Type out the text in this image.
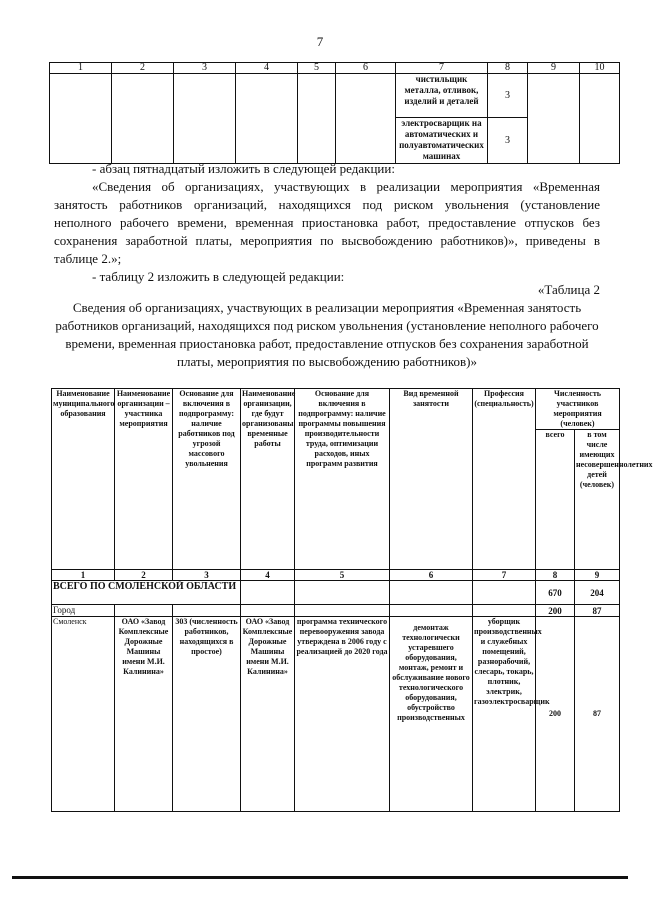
7
1	2	3	4	5	6	7	8	9	10
						чистильщик металла, отливок, изделий и деталей	3		
						электросварщик на автоматических и полуавтоматических машинах	3		

- абзац пятнадцатый изложить в следующей редакции:

«Сведения об организациях, участвующих в реализации мероприятия «Временная занятость работников организаций, находящихся под риском увольнения (установление неполного рабочего времени, временная приостановка работ, предоставление отпусков без сохранения заработной платы, мероприятия по высвобождению работников)», приведены в таблице 2.»;

- таблицу 2 изложить в следующей редакции:

«Таблица 2
Сведения об организациях, участвующих в реализации мероприятия «Временная занятость работников организаций, находящихся под риском увольнения (установление неполного рабочего времени, временная приостановка работ, предоставление отпусков без сохранения заработной платы, мероприятия по высвобождению работников)»
Наименование муниципального образования	Наименование организации – участника мероприятия	Основание для включения в подпрограмму: наличие работников под угрозой массового увольнения	Наименование организации, где будут организованы временные работы	Основание для включения в подпрограмму: наличие программы повышения производительности труда, оптимизации расходов, иных программ развития	Вид временной занятости	Профессия (специальность)	Численность участников мероприятия (человек)	
							всего	в том числе имеющих несовершеннолетних детей (человек)
1	2	3	4	5	6	7	8	9
ВСЕГО ПО СМОЛЕНСКОЙ ОБЛАСТИ							670	204
Город							200	87
Смоленск	ОАО «Завод Комплексные Дорожные Машины имени М.И. Калинина»	303 (численность работников, находящихся в простое)	ОАО «Завод Комплексные Дорожные Машины имени М.И. Калинина»	программа технического перевооружения завода утверждена в 2006 году с реализацией до 2020 года	демонтаж технологически устаревшего оборудования, монтаж, ремонт и обслуживание нового технологического оборудования, обустройство производственных	уборщик производственных и служебных помещений, разнорабочий, слесарь, токарь, плотник, электрик, газоэлектросварщик	200	87
